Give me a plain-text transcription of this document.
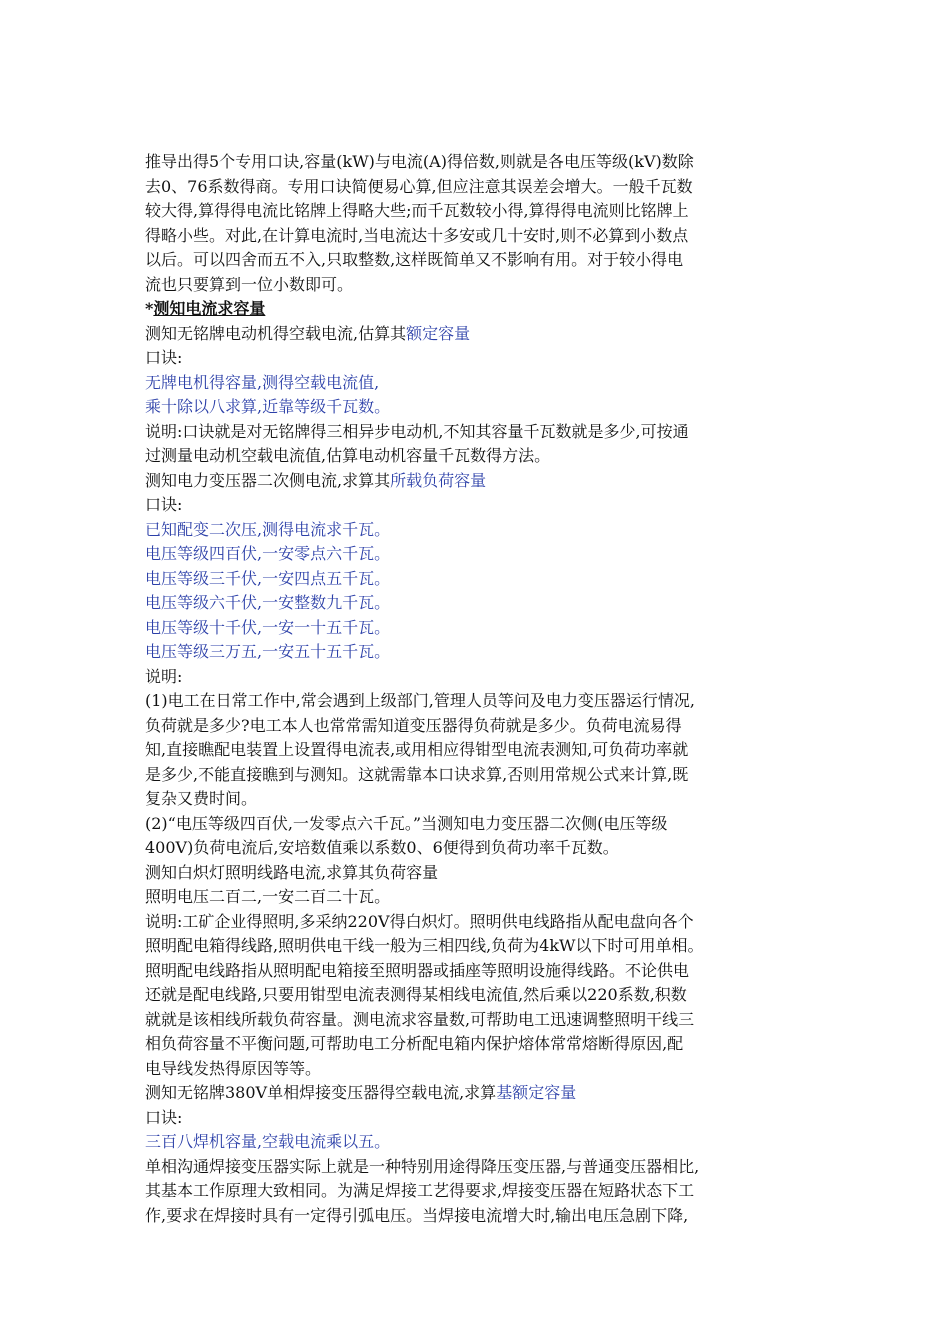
推导出得5个专用口诀,容量(kW)与电流(A)得倍数,则就是各电压等级(kV)数除
去0、76系数得商。专用口诀简便易心算,但应注意其误差会增大。一般千瓦数
较大得,算得得电流比铭牌上得略大些;而千瓦数较小得,算得得电流则比铭牌上
得略小些。对此,在计算电流时,当电流达十多安或几十安时,则不必算到小数点
以后。可以四舍而五不入,只取整数,这样既简单又不影响有用。对于较小得电
流也只要算到一位小数即可。
*测知电流求容量
测知无铭牌电动机得空载电流,估算其额定容量
口诀:
无牌电机得容量,测得空载电流值,
乘十除以八求算,近靠等级千瓦数。
说明:口诀就是对无铭牌得三相异步电动机,不知其容量千瓦数就是多少,可按通
过测量电动机空载电流值,估算电动机容量千瓦数得方法。
测知电力变压器二次侧电流,求算其所载负荷容量
口诀:
已知配变二次压,测得电流求千瓦。
电压等级四百伏,一安零点六千瓦。
电压等级三千伏,一安四点五千瓦。
电压等级六千伏,一安整数九千瓦。
电压等级十千伏,一安一十五千瓦。
电压等级三万五,一安五十五千瓦。
说明:
(1)电工在日常工作中,常会遇到上级部门,管理人员等问及电力变压器运行情况,
负荷就是多少?电工本人也常常需知道变压器得负荷就是多少。负荷电流易得
知,直接瞧配电装置上设置得电流表,或用相应得钳型电流表测知,可负荷功率就
是多少,不能直接瞧到与测知。这就需靠本口诀求算,否则用常规公式来计算,既
复杂又费时间。
(2)“电压等级四百伏,一发零点六千瓦。”当测知电力变压器二次侧(电压等级
400V)负荷电流后,安培数值乘以系数0、6便得到负荷功率千瓦数。
测知白炽灯照明线路电流,求算其负荷容量
照明电压二百二,一安二百二十瓦。
说明:工矿企业得照明,多采纳220V得白炽灯。照明供电线路指从配电盘向各个
照明配电箱得线路,照明供电干线一般为三相四线,负荷为4kW以下时可用单相。
照明配电线路指从照明配电箱接至照明器或插座等照明设施得线路。不论供电
还就是配电线路,只要用钳型电流表测得某相线电流值,然后乘以220系数,积数
就就是该相线所载负荷容量。测电流求容量数,可帮助电工迅速调整照明干线三
相负荷容量不平衡问题,可帮助电工分析配电箱内保护熔体常常熔断得原因,配
电导线发热得原因等等。
测知无铭牌380V单相焊接变压器得空载电流,求算基额定容量
口诀:
三百八焊机容量,空载电流乘以五。
单相沟通焊接变压器实际上就是一种特别用途得降压变压器,与普通变压器相比,
其基本工作原理大致相同。为满足焊接工艺得要求,焊接变压器在短路状态下工
作,要求在焊接时具有一定得引弧电压。当焊接电流增大时,输出电压急剧下降,
